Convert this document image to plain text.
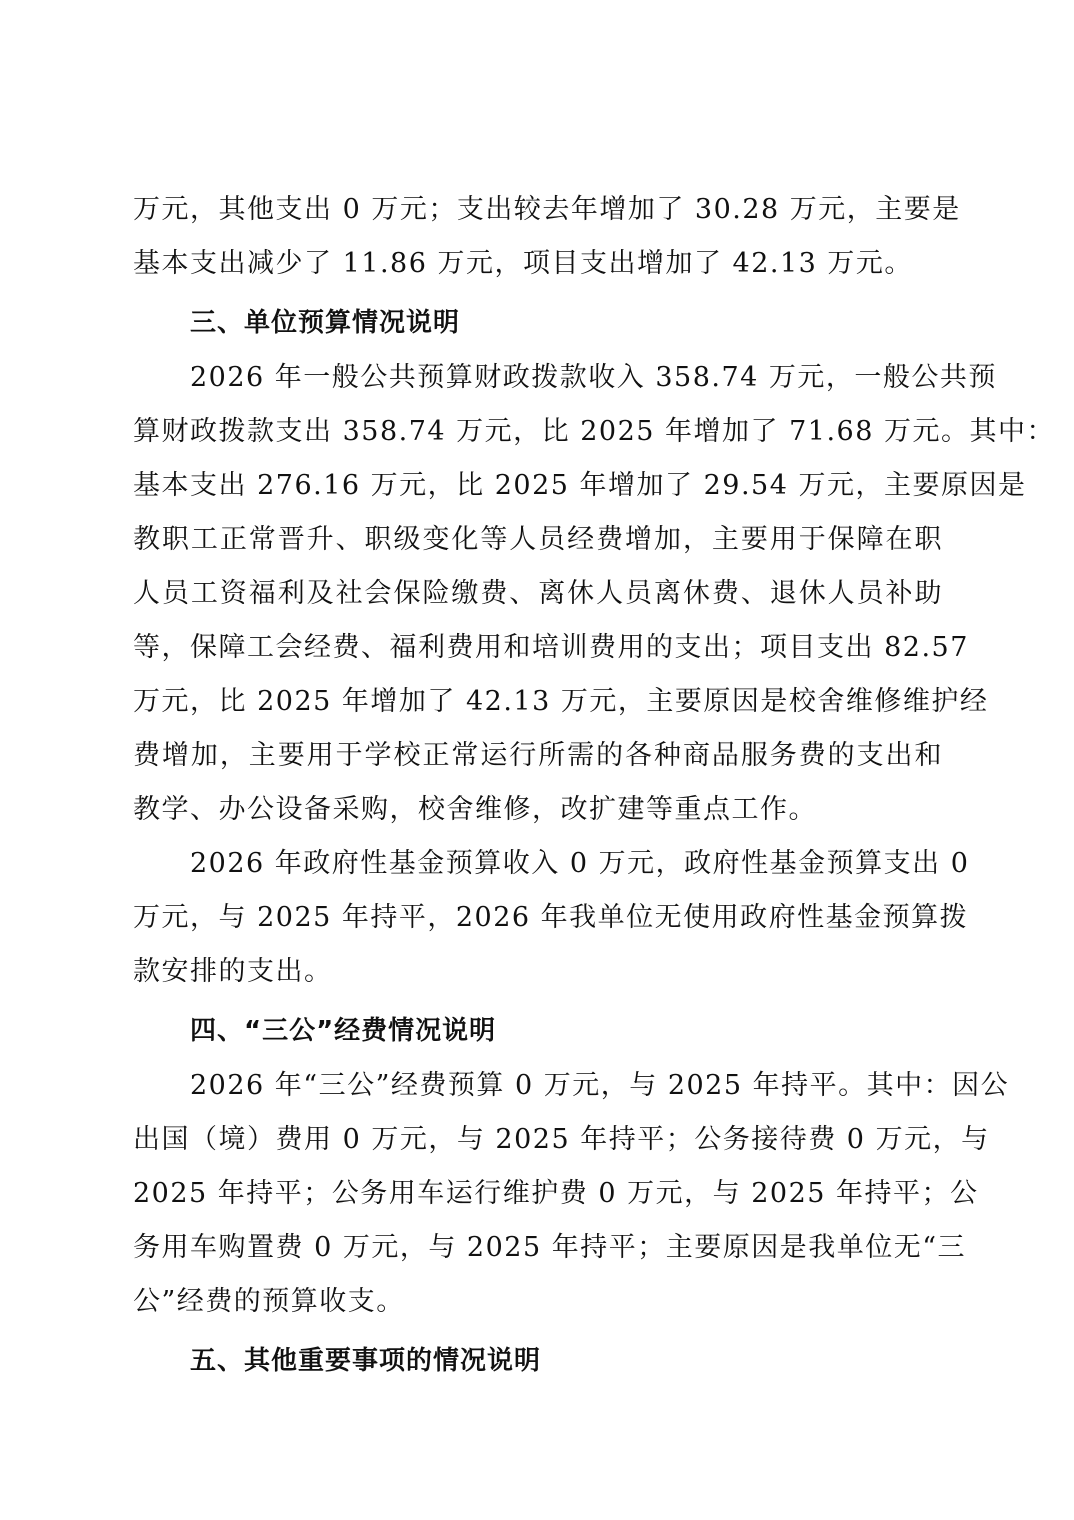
万元，其他支出 0 万元；支出较去年增加了 30.28 万元，主要是
基本支出减少了 11.86 万元，项目支出增加了 42.13 万元。

三、单位预算情况说明

2026 年一般公共预算财政拨款收入 358.74 万元，一般公共预
算财政拨款支出 358.74 万元，比 2025 年增加了 71.68 万元。其中：
基本支出 276.16 万元，比 2025 年增加了 29.54 万元，主要原因是
教职工正常晋升、职级变化等人员经费增加，主要用于保障在职
人员工资福利及社会保险缴费、离休人员离休费、退休人员补助
等，保障工会经费、福利费用和培训费用的支出；项目支出 82.57
万元，比 2025 年增加了 42.13 万元，主要原因是校舍维修维护经
费增加，主要用于学校正常运行所需的各种商品服务费的支出和
教学、办公设备采购，校舍维修，改扩建等重点工作。

2026 年政府性基金预算收入 0 万元，政府性基金预算支出 0
万元，与 2025 年持平，2026 年我单位无使用政府性基金预算拨
款安排的支出。

四、“三公”经费情况说明

2026 年“三公”经费预算 0 万元，与 2025 年持平。其中：因公
出国（境）费用 0 万元，与 2025 年持平；公务接待费 0 万元，与
2025 年持平；公务用车运行维护费 0 万元，与 2025 年持平；公
务用车购置费 0 万元，与 2025 年持平；主要原因是我单位无“三
公”经费的预算收支。

五、其他重要事项的情况说明
